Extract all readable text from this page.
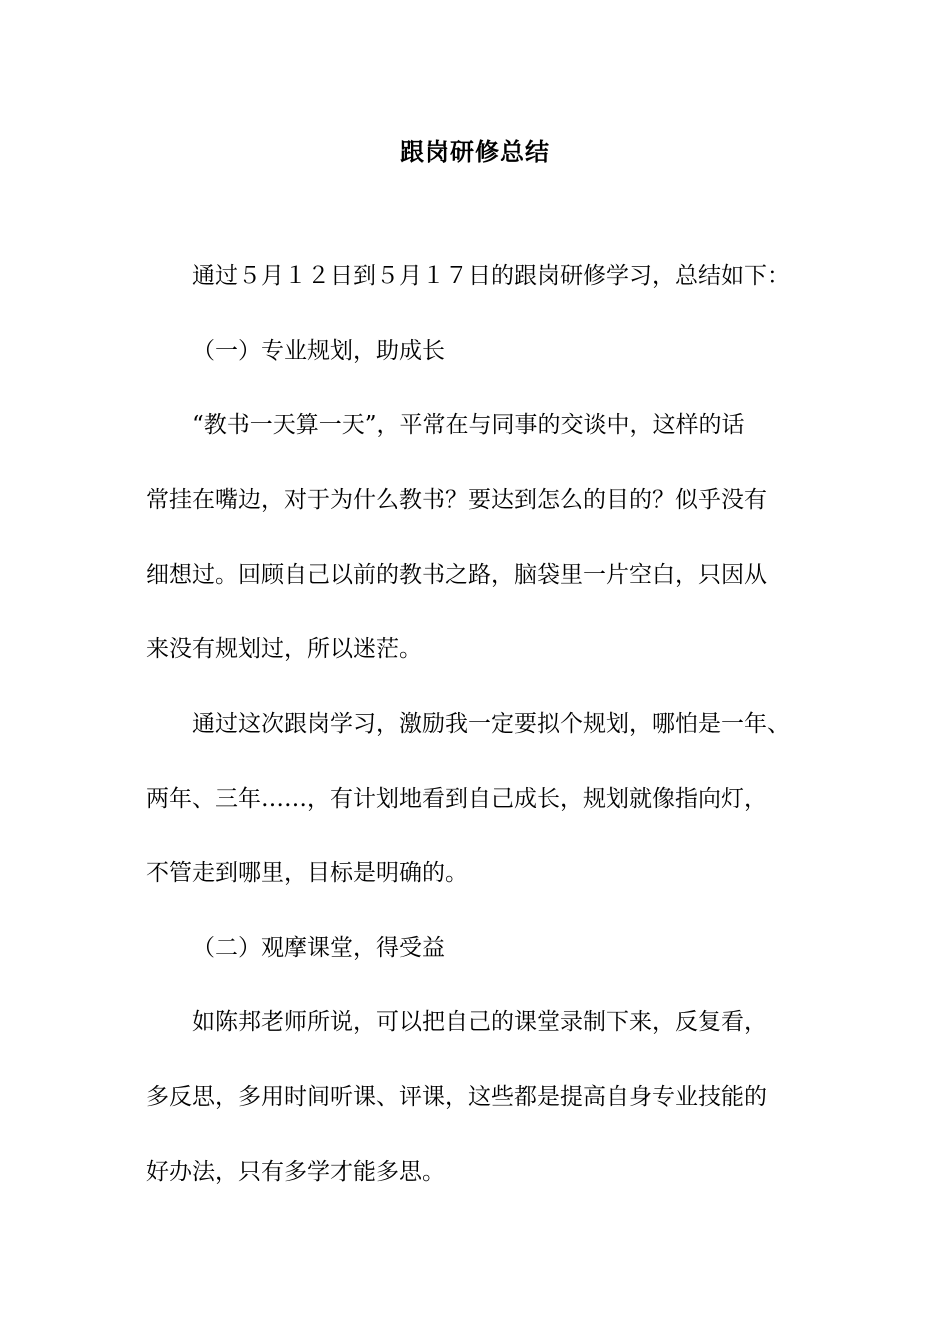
跟岗研修总结
通过５月１２日到５月１７日的跟岗研修学习，总结如下：
（一）专业规划，助成长
“教书一天算一天”，平常在与同事的交谈中，这样的话
常挂在嘴边，对于为什么教书？要达到怎么的目的？似乎没有
细想过。回顾自己以前的教书之路，脑袋里一片空白，只因从
来没有规划过，所以迷茫。
通过这次跟岗学习，激励我一定要拟个规划，哪怕是一年、
两年、三年……，有计划地看到自己成长，规划就像指向灯，
不管走到哪里，目标是明确的。
（二）观摩课堂，得受益
如陈邦老师所说，可以把自己的课堂录制下来，反复看，
多反思，多用时间听课、评课，这些都是提高自身专业技能的
好办法，只有多学才能多思。
